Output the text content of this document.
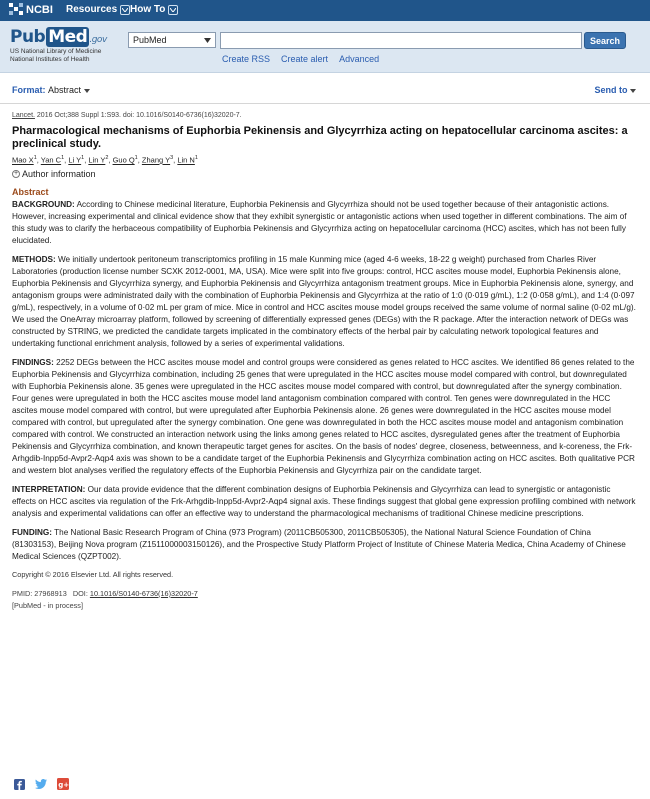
NCBI Resources How To
Pub Med .gov
US National Library of Medicine
National Institutes of Health
PubMed	Search
Create RSS Create alert Advanced
Format: Abstract	Send to
Lancet. 2016 Oct;388 Suppl 1:S93. doi: 10.1016/S0140-6736(16)32020-7.
Pharmacological mechanisms of Euphorbia Pekinensis and Glycyrrhiza acting on hepatocellular carcinoma ascites: a preclinical study.
Mao $X^1$, Yan $C^1$, Li $Y^1$, Lin $Y^2$, Guo $Q^1$, Zhang $Y^3$, Lin $N^1$
+ Author information
Abstract

BACKGROUND: According to Chinese medicinal literature, Euphorbia Pekinensis and Glycyrrhiza should not be used together because of their antagonistic actions. However, increasing experimental and clinical evidence show that they exhibit synergistic or antagonistic actions when used together in different combinations. The aim of this study was to clarify the herbaceous compatibility of Euphorbia Pekinensis and Glycyrrhiza acting on hepatocellular carcinoma (HCC) ascites, which has not been fully elucidated.

METHODS: We initially undertook peritoneum transcriptomics profiling in 15 male Kunming mice (aged 4-6 weeks, 18-22 g weight) purchased from Charles River Laboratories (production license number SCXK 2012-0001, MA, USA). Mice were split into five groups: control, HCC ascites mouse model, Euphorbia Pekinensis alone, Euphorbia Pekinensis and Glycyrrhiza synergy, and Euphorbia Pekinensis and Glycyrrhiza antagonism treatment groups. Mice in Euphorbia Pekinensis alone, synergy, and antagonism groups were administrated daily with the combination of Euphorbia Pekinensis and Glycyrrhiza at the ratio of 1:0 (0·019 g/mL), 1:2 (0·058 g/mL), and 1:4 (0·097 g/mL), respectively, in a volume of 0·02 mL per gram of mice. Mice in control and HCC ascites mouse model groups received the same volume of normal saline (0·02 mL/g). We used the OneArray microarray platform, followed by screening of differentially expressed genes (DEGs) with the R package. After the interaction network of DEGs was constructed by STRING, we predicted the candidate targets implicated in the combinatory effects of the herbal pair by calculating network topological features and undertaking functional enrichment analysis, followed by a series of experimental validations.

FINDINGS: 2252 DEGs between the HCC ascites mouse model and control groups were considered as genes related to HCC ascites. We identified 86 genes related to the Euphorbia Pekinensis and Glycyrrhiza combination, including 25 genes that were upregulated in the HCC ascites mouse model compared with control, but downregulated with Euphorbia Pekinensis alone. 35 genes were upregulated in the HCC ascites mouse model compared with control, but downregulated after the synergy combination. Four genes were upregulated in both the HCC ascites mouse model land antagonism combination compared with control. Ten genes were downregulated in the HCC ascites mouse model compared with control, but were upregulated after Euphorbia Pekinensis alone. 26 genes were downregulated in the HCC ascites mouse model compared with control, but upregulated after the synergy combination. One gene was downregulated in both the HCC ascites mouse model and antagonism combination compared with control. We constructed an interaction network using the links among genes related to HCC ascites, dysregulated genes after the treatment of Euphorbia Pekinensis and Glycyrrhiza combination, and known therapeutic target genes for ascites. On the basis of nodes' degree, closeness, betweenness, and k-coreness, the Frk-Arhgdib-Inpp5d-Avpr2-Aqp4 axis was shown to be a candidate target of the Euphorbia Pekinensis and Glycyrrhiza combination acting on HCC ascites. Both qualitative PCR and western blot analyses verified the regulatory effects of the Euphorbia Pekinensis and Glycyrrhiza pair on the candidate target.

INTERPRETATION: Our data provide evidence that the different combination designs of Euphorbia Pekinensis and Glycyrrhiza can lead to synergistic or antagonistic effects on HCC ascites via regulation of the Frk-Arhgdib-Inpp5d-Avpr2-Aqp4 signal axis. These findings suggest that global gene expression profiling combined with network analysis and experimental validations can offer an effective way to understand the pharmacological mechanisms of traditional Chinese medicine prescriptions.

FUNDING: The National Basic Research Program of China (973 Program) (2011CB505300, 2011CB505305), the National Natural Science Foundation of China (81303153), Beijing Nova program (Z1511000003150126), and the Prospective Study Platform Project of Institute of Chinese Materia Medica, China Academy of Chinese Medical Sciences (QZPT002).

Copyright © 2016 Elsevier Ltd. All rights reserved.
PMID: 27968913 DOI: 10.1016/S0140-6736(16)32020-7
[PubMed - in process]
g+
